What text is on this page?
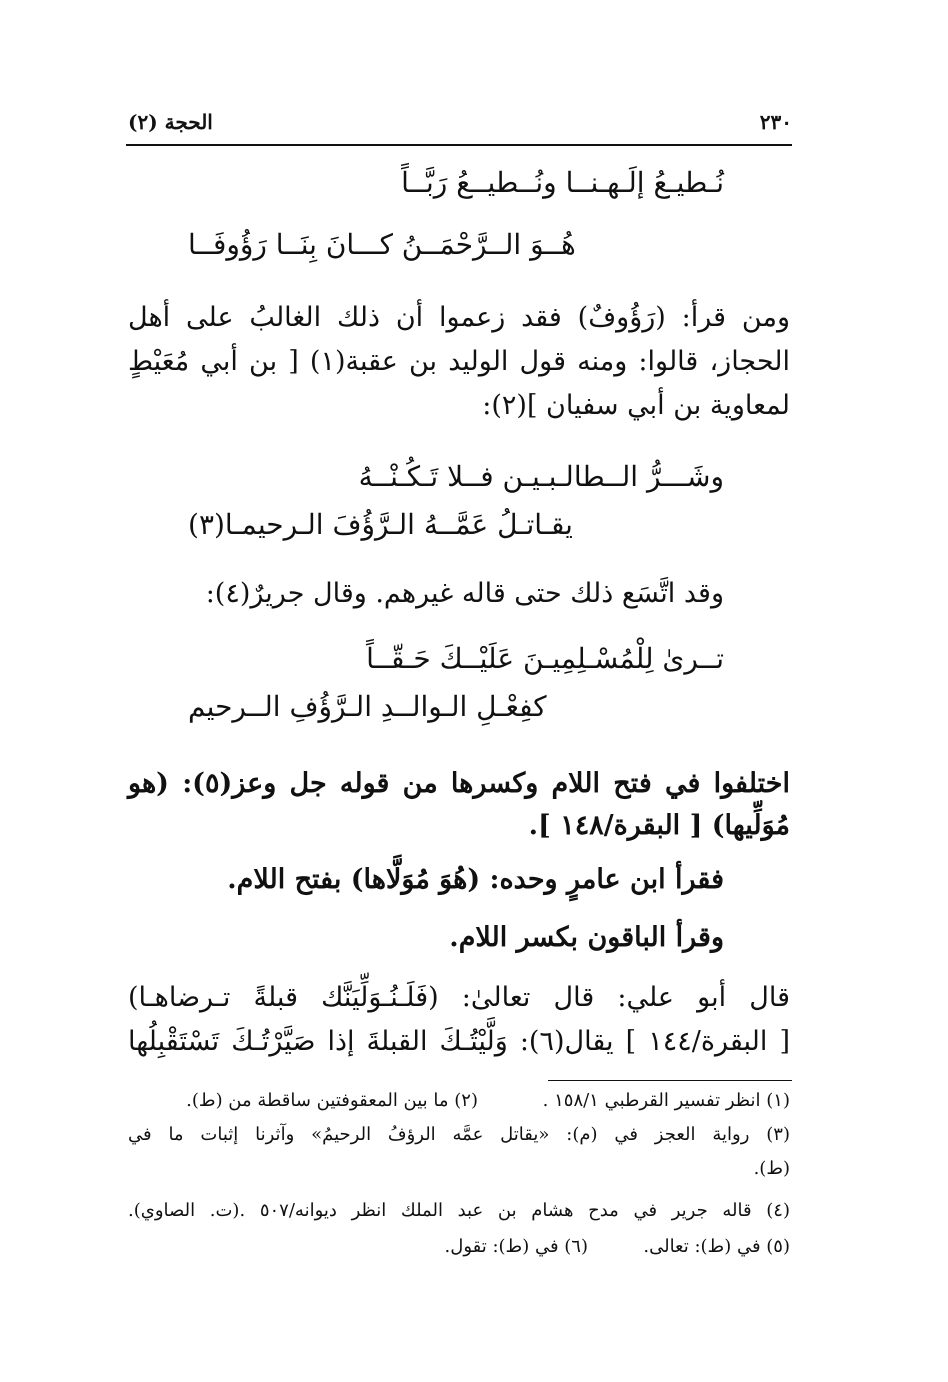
٢٣٠
الحجة (٢)
نُـطيـعُ إلَـهـنــا ونُــطيــعُ رَبَّــاً
هُــوَ الــرَّحْمَــنُ كـــانَ بِنَــا رَؤُوفَــا
ومن قرأ: (رَؤُوفٌ) فقد زعموا أن ذلك الغالبُ على أهل
الحجاز، قالوا: ومنه قول الوليد بن عقبة(١) [ بن أبي مُعَيْطٍ
لمعاوية بن أبي سفيان ](٢):
وشَـــرُّ الــطالـبـيـن فــلا تَـكُـنْــهُ
يقـاتـلُ عَمَّــهُ الـرَّؤُفَ الـرحيمـا(٣)
وقد اتَّسَع ذلك حتى قاله غيرهم. وقال جريرٌ(٤):
تــرىٰ لِلْمُسْـلِمِيـنَ عَلَيْــكَ حَـقّــاً
كفِعْـلِ الـوالــدِ الـرَّؤُفِ الــرحيم
اختلفوا في فتح اللام وكسرها من قوله جل وعز(٥): (هو
مُوَلِّيها) [ البقرة/١٤٨ ].
فقرأ ابن عامرٍ وحده: (هُوَ مُوَلَّاها) بفتح اللام.
وقرأ الباقون بكسر اللام.
قال أبو علي: قال تعالىٰ: (فَلَـنُـوَلِّيَنَّك قبلةً تـرضاهـا)
[ البقرة/١٤٤ ] يقال(٦): وَلَّيْتُـكَ القبلةَ إذا صَيَّرْتُـكَ تَسْتَقْبِلُها
(١) انظر تفسير القرطبي ١٥٨/١ .
(٢) ما بين المعقوفتين ساقطة من (ط).
(٣) رواية العجز في (م): «يقاتل عمَّه الرؤفُ الرحيمُ» وآثرنا إثبات ما في
(ط).
(٤) قاله جرير في مدح هشام بن عبد الملك انظر ديوانه/٥٠٧ .(ت. الصاوي).
(٥) في (ط): تعالى.
(٦) في (ط): تقول.
